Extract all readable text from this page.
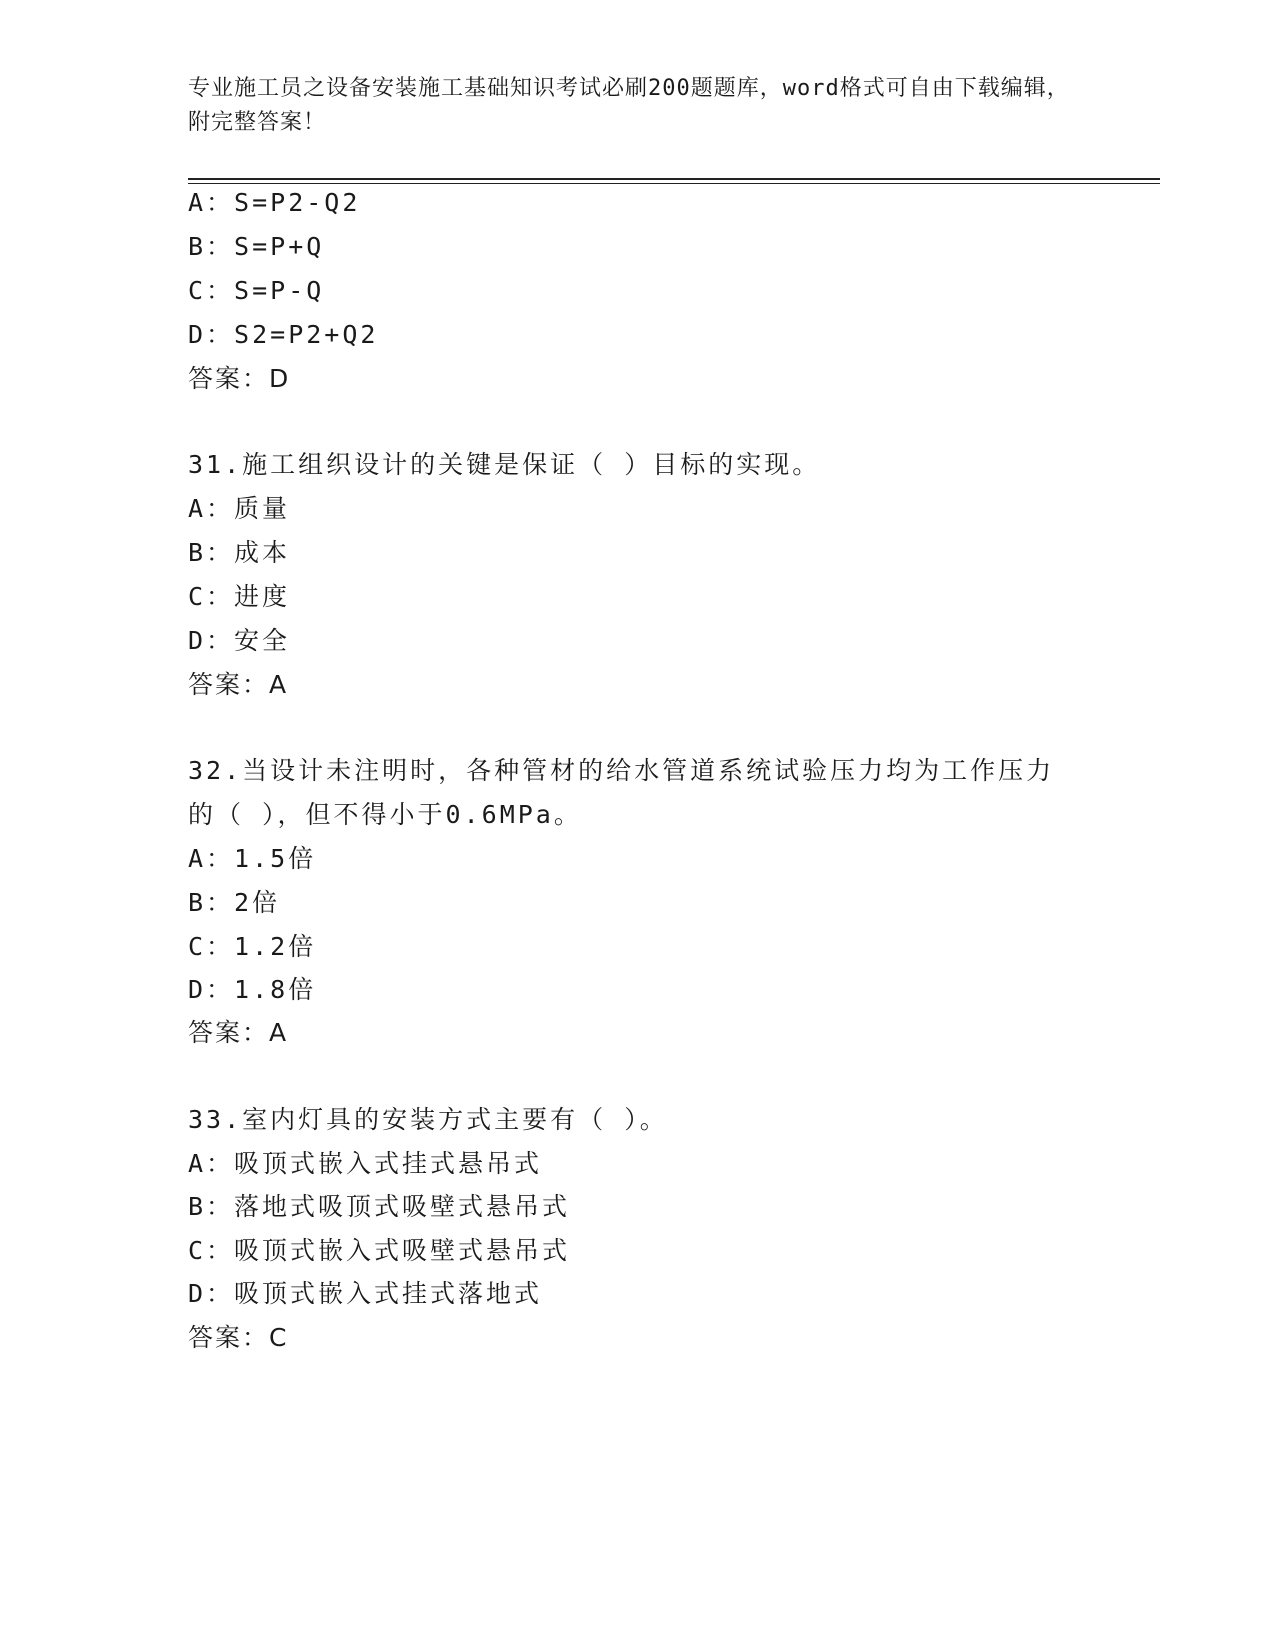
专业施工员之设备安装施工基础知识考试必刷200题题库，word格式可自由下载编辑，附完整答案！
A：S=P2-Q2
B：S=P+Q
C：S=P-Q
D：S2=P2+Q2
答案：D
31.施工组织设计的关键是保证（ ）目标的实现。
A：质量
B：成本
C：进度
D：安全
答案：A
32.当设计未注明时，各种管材的给水管道系统试验压力均为工作压力
的（ ），但不得小于0.6MPa。
A：1.5倍
B：2倍
C：1.2倍
D：1.8倍
答案：A
33.室内灯具的安装方式主要有（ ）。
A：吸顶式嵌入式挂式悬吊式
B：落地式吸顶式吸壁式悬吊式
C：吸顶式嵌入式吸壁式悬吊式
D：吸顶式嵌入式挂式落地式
答案：C
